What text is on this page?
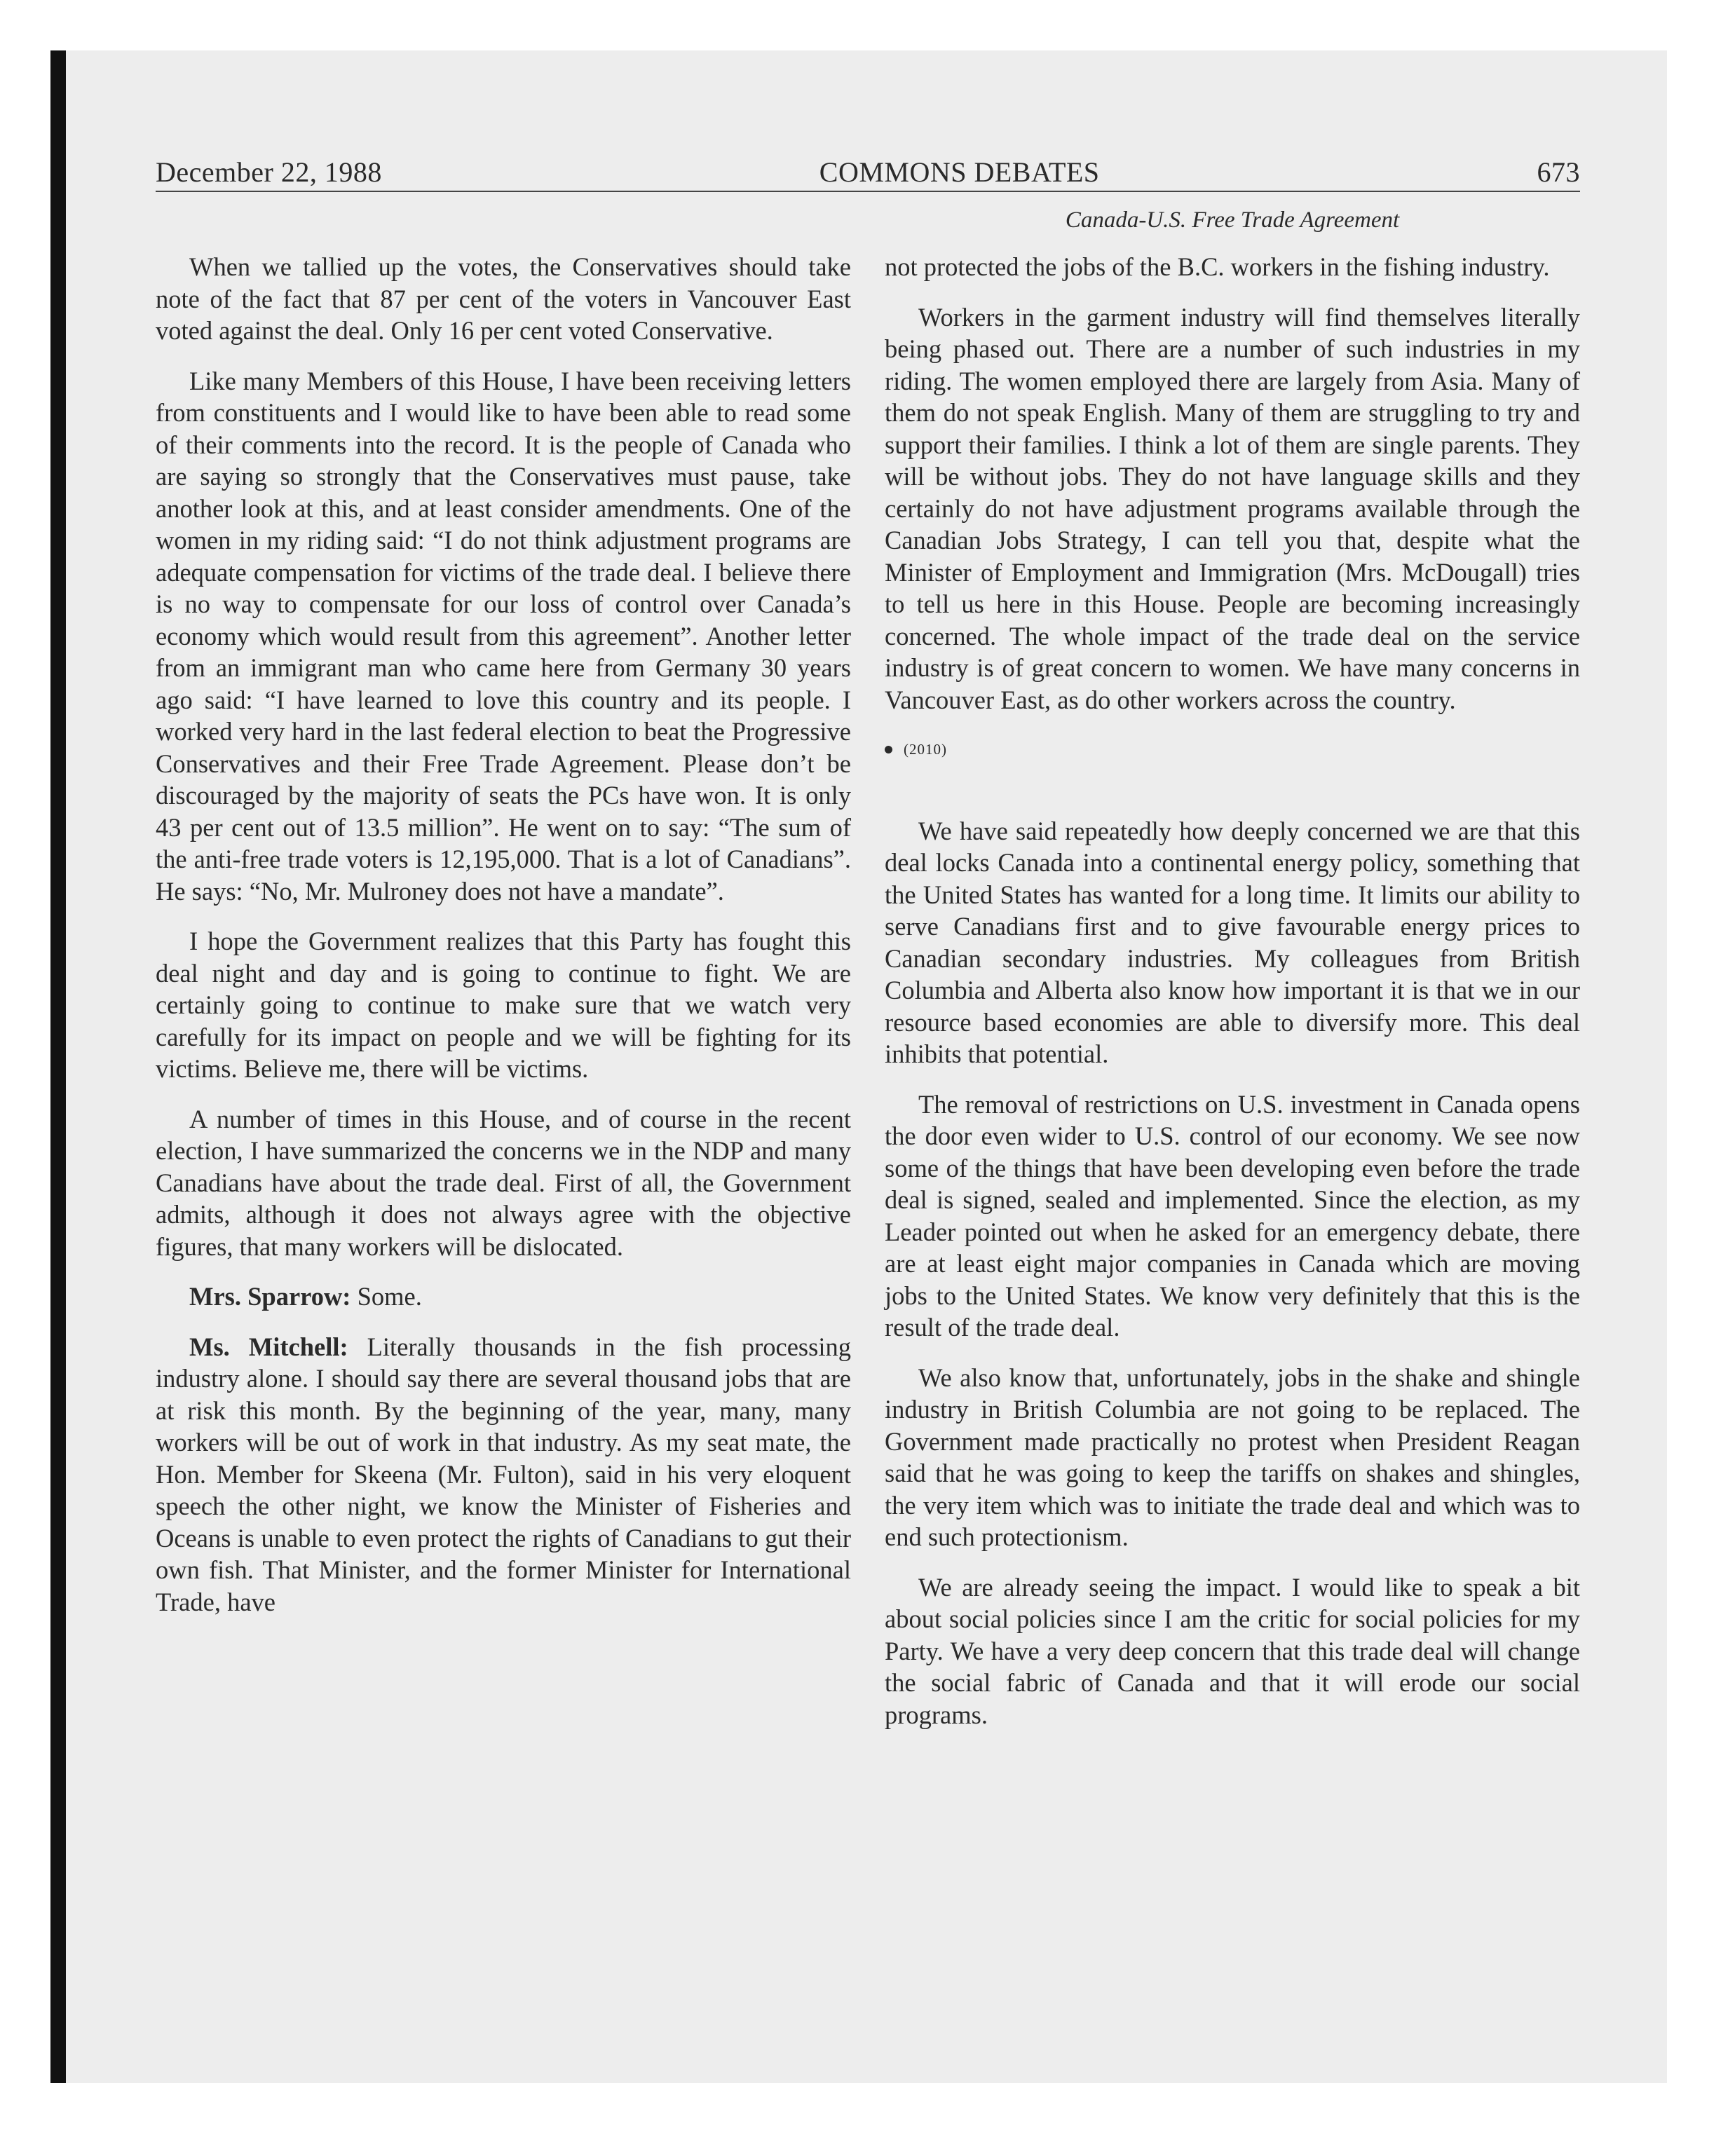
December 22, 1988	COMMONS DEBATES	673
Canada-U.S. Free Trade Agreement

When we tallied up the votes, the Conservatives should take note of the fact that 87 per cent of the voters in Vancouver East voted against the deal. Only 16 per cent voted Conservative.

Like many Members of this House, I have been receiving letters from constituents and I would like to have been able to read some of their comments into the record. It is the people of Canada who are saying so strongly that the Conservatives must pause, take another look at this, and at least consider amendments. One of the women in my riding said: “I do not think adjustment programs are adequate compensation for victims of the trade deal. I believe there is no way to compensate for our loss of control over Canada’s economy which would result from this agreement”. Another letter from an immigrant man who came here from Germany 30 years ago said: “I have learned to love this country and its people. I worked very hard in the last federal election to beat the Progressive Conservatives and their Free Trade Agreement. Please don’t be discouraged by the majority of seats the PCs have won. It is only 43 per cent out of 13.5 million”. He went on to say: “The sum of the anti-free trade voters is 12,195,000. That is a lot of Canadians”. He says: “No, Mr. Mulroney does not have a mandate”.

I hope the Government realizes that this Party has fought this deal night and day and is going to continue to fight. We are certainly going to continue to make sure that we watch very carefully for its impact on people and we will be fighting for its victims. Believe me, there will be victims.

A number of times in this House, and of course in the recent election, I have summarized the concerns we in the NDP and many Canadians have about the trade deal. First of all, the Government admits, although it does not always agree with the objective figures, that many workers will be dislocated.

Mrs. Sparrow: Some.

Ms. Mitchell: Literally thousands in the fish processing industry alone. I should say there are several thousand jobs that are at risk this month. By the beginning of the year, many, many workers will be out of work in that industry. As my seat mate, the Hon. Member for Skeena (Mr. Fulton), said in his very eloquent speech the other night, we know the Minister of Fisheries and Oceans is unable to even protect the rights of Canadians to gut their own fish. That Minister, and the former Minister for International Trade, have

not protected the jobs of the B.C. workers in the fishing industry.

Workers in the garment industry will find themselves literally being phased out. There are a number of such industries in my riding. The women employed there are largely from Asia. Many of them do not speak English. Many of them are struggling to try and support their families. I think a lot of them are single parents. They will be without jobs. They do not have language skills and they certainly do not have adjustment programs available through the Canadian Jobs Strategy, I can tell you that, despite what the Minister of Employment and Immigration (Mrs. McDougall) tries to tell us here in this House. People are becoming increasingly concerned. The whole impact of the trade deal on the service industry is of great concern to women. We have many concerns in Vancouver East, as do other workers across the country.

(2010)

We have said repeatedly how deeply concerned we are that this deal locks Canada into a continental energy policy, something that the United States has wanted for a long time. It limits our ability to serve Canadians first and to give favourable energy prices to Canadian secondary industries. My colleagues from British Columbia and Alberta also know how important it is that we in our resource based economies are able to diversify more. This deal inhibits that potential.

The removal of restrictions on U.S. investment in Canada opens the door even wider to U.S. control of our economy. We see now some of the things that have been developing even before the trade deal is signed, sealed and implemented. Since the election, as my Leader pointed out when he asked for an emergency debate, there are at least eight major companies in Canada which are moving jobs to the United States. We know very definitely that this is the result of the trade deal.

We also know that, unfortunately, jobs in the shake and shingle industry in British Columbia are not going to be replaced. The Government made practically no protest when President Reagan said that he was going to keep the tariffs on shakes and shingles, the very item which was to initiate the trade deal and which was to end such protectionism.

We are already seeing the impact. I would like to speak a bit about social policies since I am the critic for social policies for my Party. We have a very deep concern that this trade deal will change the social fabric of Canada and that it will erode our social programs.
